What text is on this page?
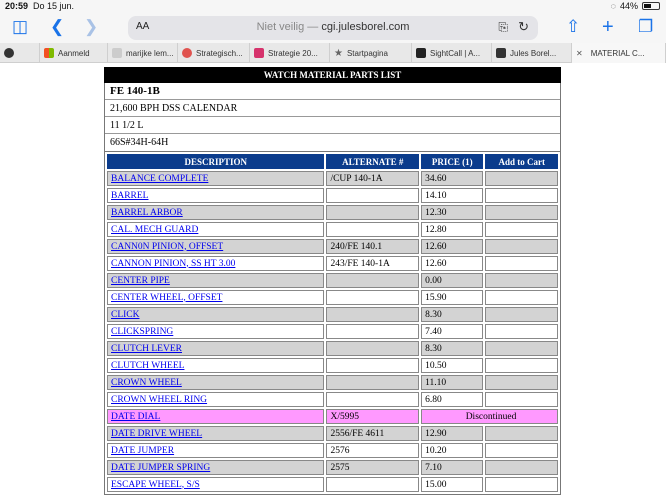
20:59 Do 15 jun.	◌ 44%
◫ ❮ ❯	AA	Niet veilig — cgi.julesborel.com	⎘ ↻ ⇧ + ❐
Aanmeld	marijke lem...	Strategisch...	Strategie 20... ★ Startpagina	SightCall | A...	Jules Borel... ✕ MATERIAL C...
WATCH MATERIAL PARTS LIST
FE 140-1B
21,600 BPH DSS CALENDAR
11 1/2 L
66S#34H-64H
DESCRIPTION	ALTERNATE #	PRICE (1)	Add to Cart
BALANCE COMPLETE	/CUP 140-1A	34.60	
BARREL		14.10	
BARREL ARBOR		12.30	
CAL. MECH GUARD		12.80	
CANN0N PINION, OFFSET	240/FE 140.1	12.60	
CANNON PINION, SS HT 3.00	243/FE 140-1A	12.60	
CENTER PIPE		0.00	
CENTER WHEEL, OFFSET		15.90	
CLICK		8.30	
CLICKSPRING		7.40	
CLUTCH LEVER		8.30	
CLUTCH WHEEL		10.50	
CROWN WHEEL		11.10	
CROWN WHEEL RING		6.80	
DATE DIAL	X/5995	Discontinued	
DATE DRIVE WHEEL	2556/FE 4611	12.90	
DATE JUMPER	2576	10.20	
DATE JUMPER SPRING	2575	7.10	
ESCAPE WHEEL, S/S		15.00	
